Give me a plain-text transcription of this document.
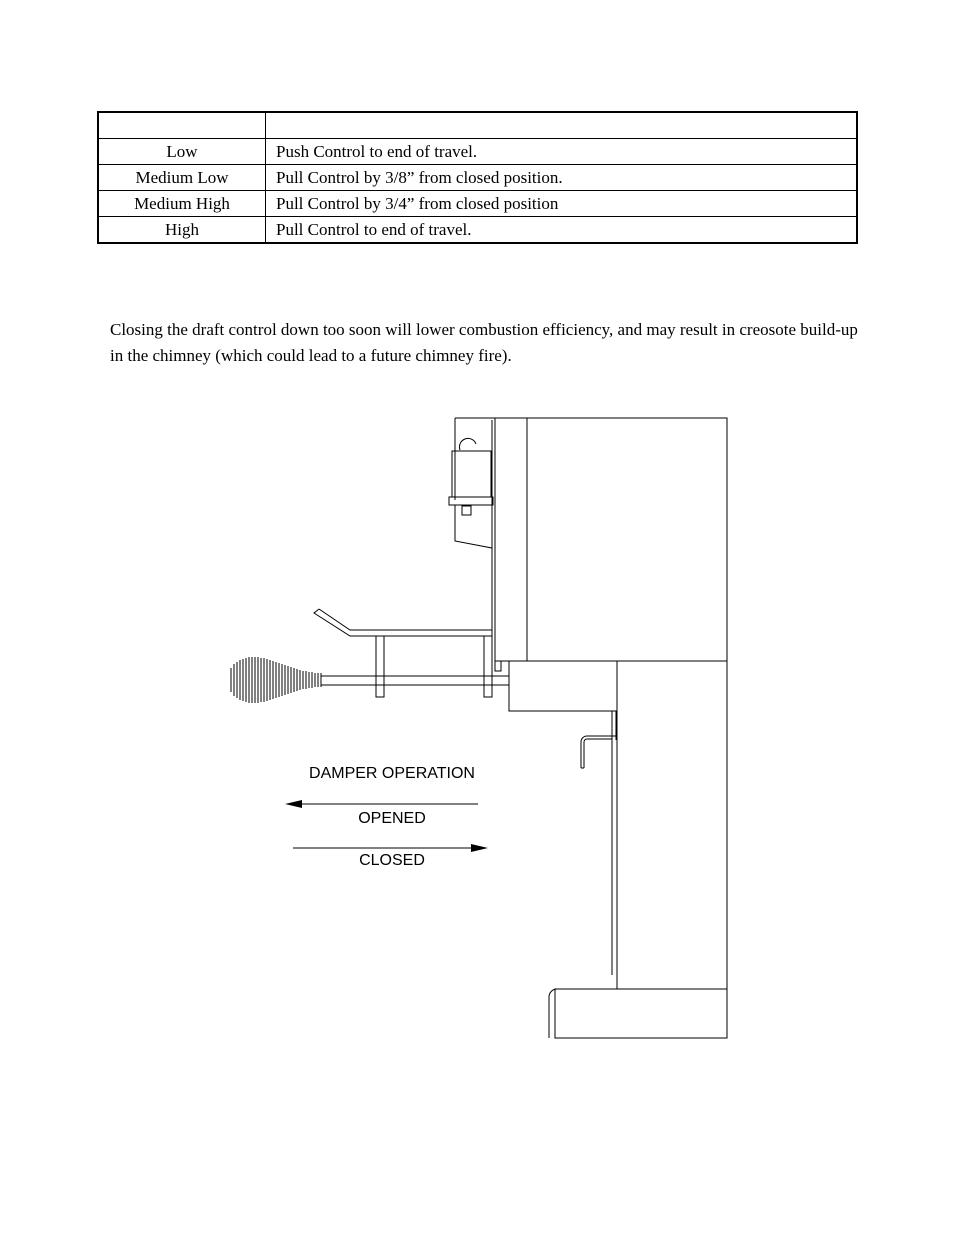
Low	Push Control to end of travel.
Medium Low	Pull Control by 3/8” from closed position.
Medium High	Pull Control by 3/4” from closed position
High	Pull Control to end of travel.

Closing the draft control down too soon will lower combustion efficiency, and may result in creosote build-up in the chimney (which could lead to a future chimney fire).

DAMPER OPERATION
OPENED
CLOSED
